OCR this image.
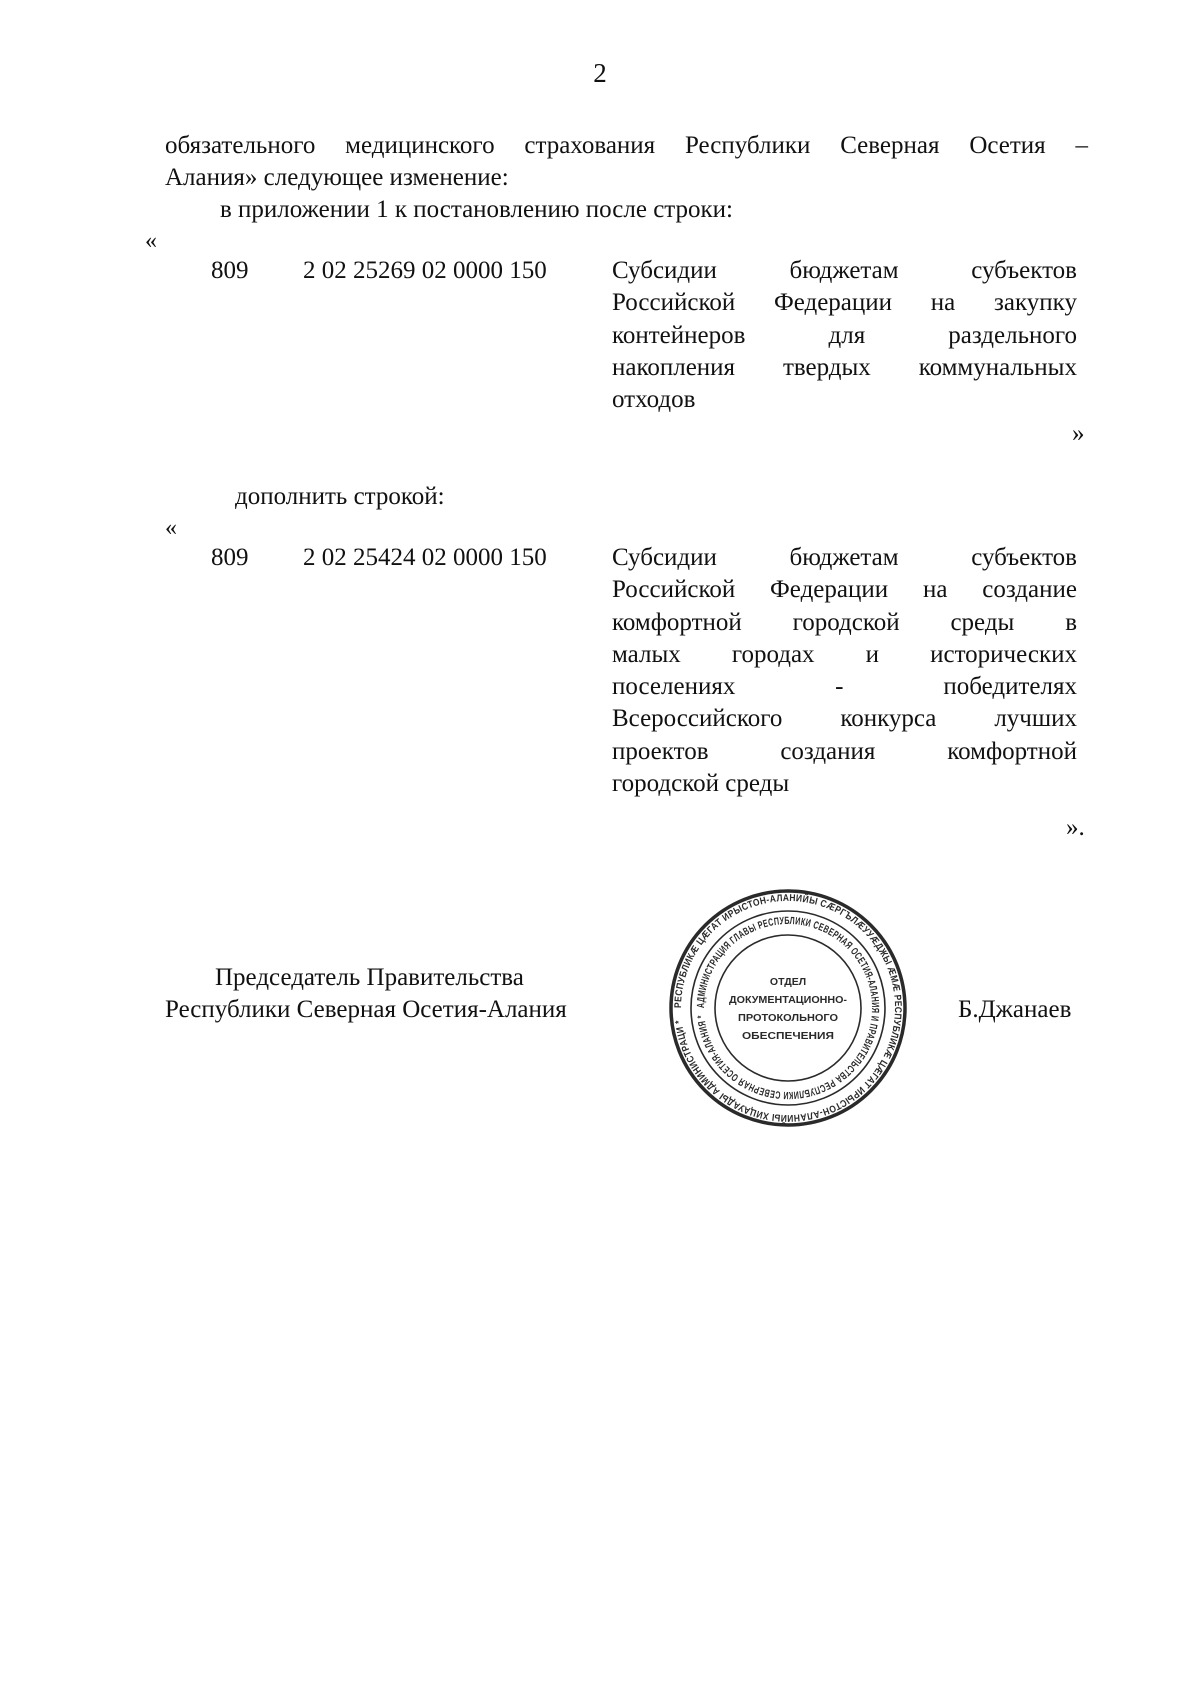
2
обязательного медицинского страхования Республики Северная Осетия –
Алания» следующее изменение:
в приложении 1 к постановлению после строки:
«
809 2 02 25269 02 0000 150	Субсидии	бюджетам	субъектов
Российской Федерации на закупку
контейнеров	для	раздельного
накопления твердых коммунальных
отходов
»
дополнить строкой:
«
809 2 02 25424 02 0000 150	Субсидии	бюджетам	субъектов
Российской Федерации на создание
комфортной городской среды в
малых городах и исторических
поселениях	-	победителях
Всероссийского конкурса лучших
проектов	создания	комфортной
городской среды
».
Председатель Правительства
Республики Северная Осетия-Алания	Б.Джанаев
РЕСПУБЛИКӔ ЦӔГАТ ИРЫСТОН-АЛАНИЙЫ СӔРГЪЛӔУУӔДЖЫ ӔМӔ РЕСПУБЛИКӔ ЦӔГАТ ИРЫСТОН-АЛАНИЙЫ ХИЦАУАДЫ АДМИНИСТРАЦИ *
АДМИНИСТРАЦИЯ ГЛАВЫ РЕСПУБЛИКИ СЕВЕРНАЯ ОСЕТИЯ-АЛАНИЯ И ПРАВИТЕЛЬСТВА РЕСПУБЛИКИ СЕВЕРНАЯ ОСЕТИЯ-АЛАНИЯ *
ОТДЕЛ
ДОКУМЕНТАЦИОННО-
ПРОТОКОЛЬНОГО
ОБЕСПЕЧЕНИЯ
